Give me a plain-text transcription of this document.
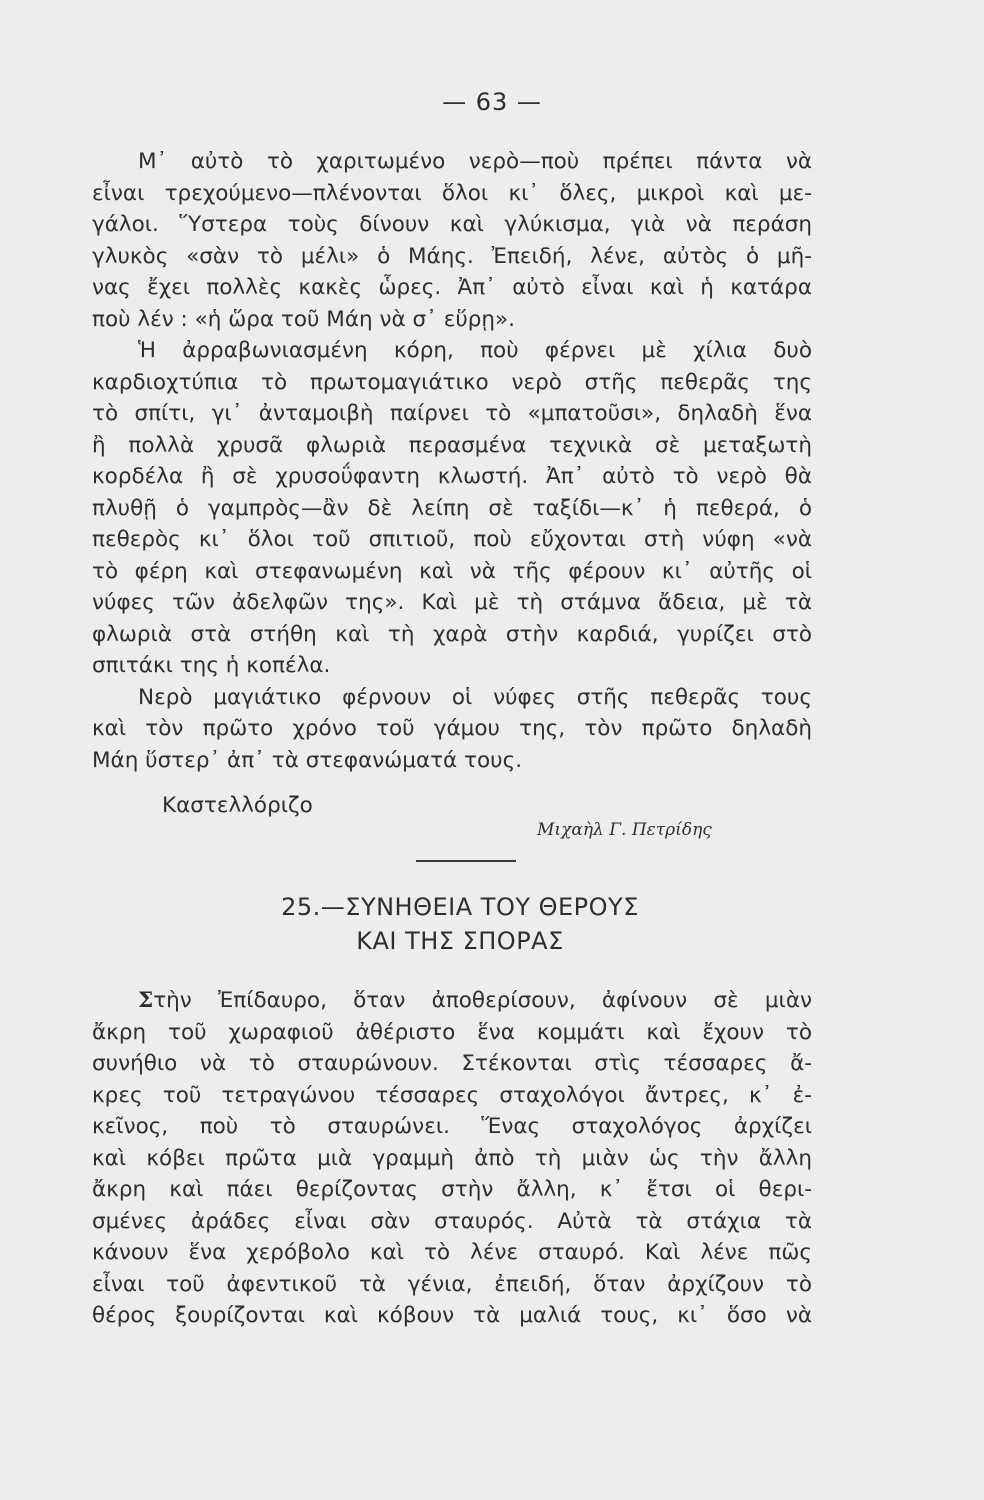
— 63 —
Μ᾽ αὐτὸ τὸ χαριτωμένο νερὸ—ποὺ πρέπει πάντα νὰ
εἶναι τρεχούμενο—πλένονται ὅλοι κι᾽ ὅλες, μικροὶ καὶ με-
γάλοι. Ὕστερα τοὺς δίνουν καὶ γλύκισμα, γιὰ νὰ περάση
γλυκὸς «σὰν τὸ μέλι» ὁ Μάης. Ἐπειδή, λένε, αὐτὸς ὁ μῆ-
νας ἔχει πολλὲς κακὲς ὧρες. Ἀπ᾽ αὐτὸ εἶναι καὶ ἡ κατάρα
ποὺ λέν : «ἡ ὥρα τοῦ Μάη νὰ σ᾽ εὕρῃ».
Ἡ ἀρραβωνιασμένη κόρη, ποὺ φέρνει μὲ χίλια δυὸ
καρδιοχτύπια τὸ πρωτομαγιάτικο νερὸ στῆς πεθερᾶς της
τὸ σπίτι, γι᾽ ἀνταμοιβὴ παίρνει τὸ «μπατοῦσι», δηλαδὴ ἕνα
ἢ πολλὰ χρυσᾶ φλωριὰ περασμένα τεχνικὰ σὲ μεταξωτὴ
κορδέλα ἢ σὲ χρυσοΰφαντη κλωστή. Ἀπ᾽ αὐτὸ τὸ νερὸ θὰ
πλυθῇ ὁ γαμπρὸς—ἂν δὲ λείπη σὲ ταξίδι—κ᾽ ἡ πεθερά, ὁ
πεθερὸς κι᾽ ὅλοι τοῦ σπιτιοῦ, ποὺ εὔχονται στὴ νύφη «νὰ
τὸ φέρη καὶ στεφανωμένη καὶ νὰ τῆς φέρουν κι᾽ αὐτῆς οἱ
νύφες τῶν ἀδελφῶν της». Καὶ μὲ τὴ στάμνα ἄδεια, μὲ τὰ
φλωριὰ στὰ στήθη καὶ τὴ χαρὰ στὴν καρδιά, γυρίζει στὸ
σπιτάκι της ἡ κοπέλα.
Νερὸ μαγιάτικο φέρνουν οἱ νύφες στῆς πεθερᾶς τους
καὶ τὸν πρῶτο χρόνο τοῦ γάμου της, τὸν πρῶτο δηλαδὴ
Μάη ὕστερ᾽ ἀπ᾽ τὰ στεφανώματά τους.
Καστελλόριζο
Μιχαὴλ Γ. Πετρίδης
25.—ΣΥΝΗΘΕΙΑ ΤΟΥ ΘΕΡΟΥΣ
ΚΑΙ ΤΗΣ ΣΠΟΡΑΣ
Στὴν Ἐπίδαυρο, ὅταν ἀποθερίσουν, ἀφίνουν σὲ μιὰν
ἄκρη τοῦ χωραφιοῦ ἀθέριστο ἕνα κομμάτι καὶ ἔχουν τὸ
συνήθιο νὰ τὸ σταυρώνουν. Στέκονται στὶς τέσσαρες ἄ-
κρες τοῦ τετραγώνου τέσσαρες σταχολόγοι ἄντρες, κ᾽ ἐ-
κεῖνος, ποὺ τὸ σταυρώνει. Ἕνας σταχολόγος ἀρχίζει
καὶ κόβει πρῶτα μιὰ γραμμὴ ἀπὸ τὴ μιὰν ὡς τὴν ἄλλη
ἄκρη καὶ πάει θερίζοντας στὴν ἄλλη, κ᾽ ἔτσι οἱ θερι-
σμένες ἀράδες εἶναι σὰν σταυρός. Αὐτὰ τὰ στάχια τὰ
κάνουν ἕνα χερόβολο καὶ τὸ λένε σταυρό. Καὶ λένε πῶς
εἶναι τοῦ ἀφεντικοῦ τὰ γένια, ἐπειδή, ὅταν ἀρχίζουν τὸ
θέρος ξουρίζονται καὶ κόβουν τὰ μαλιά τους, κι᾽ ὅσο νὰ
